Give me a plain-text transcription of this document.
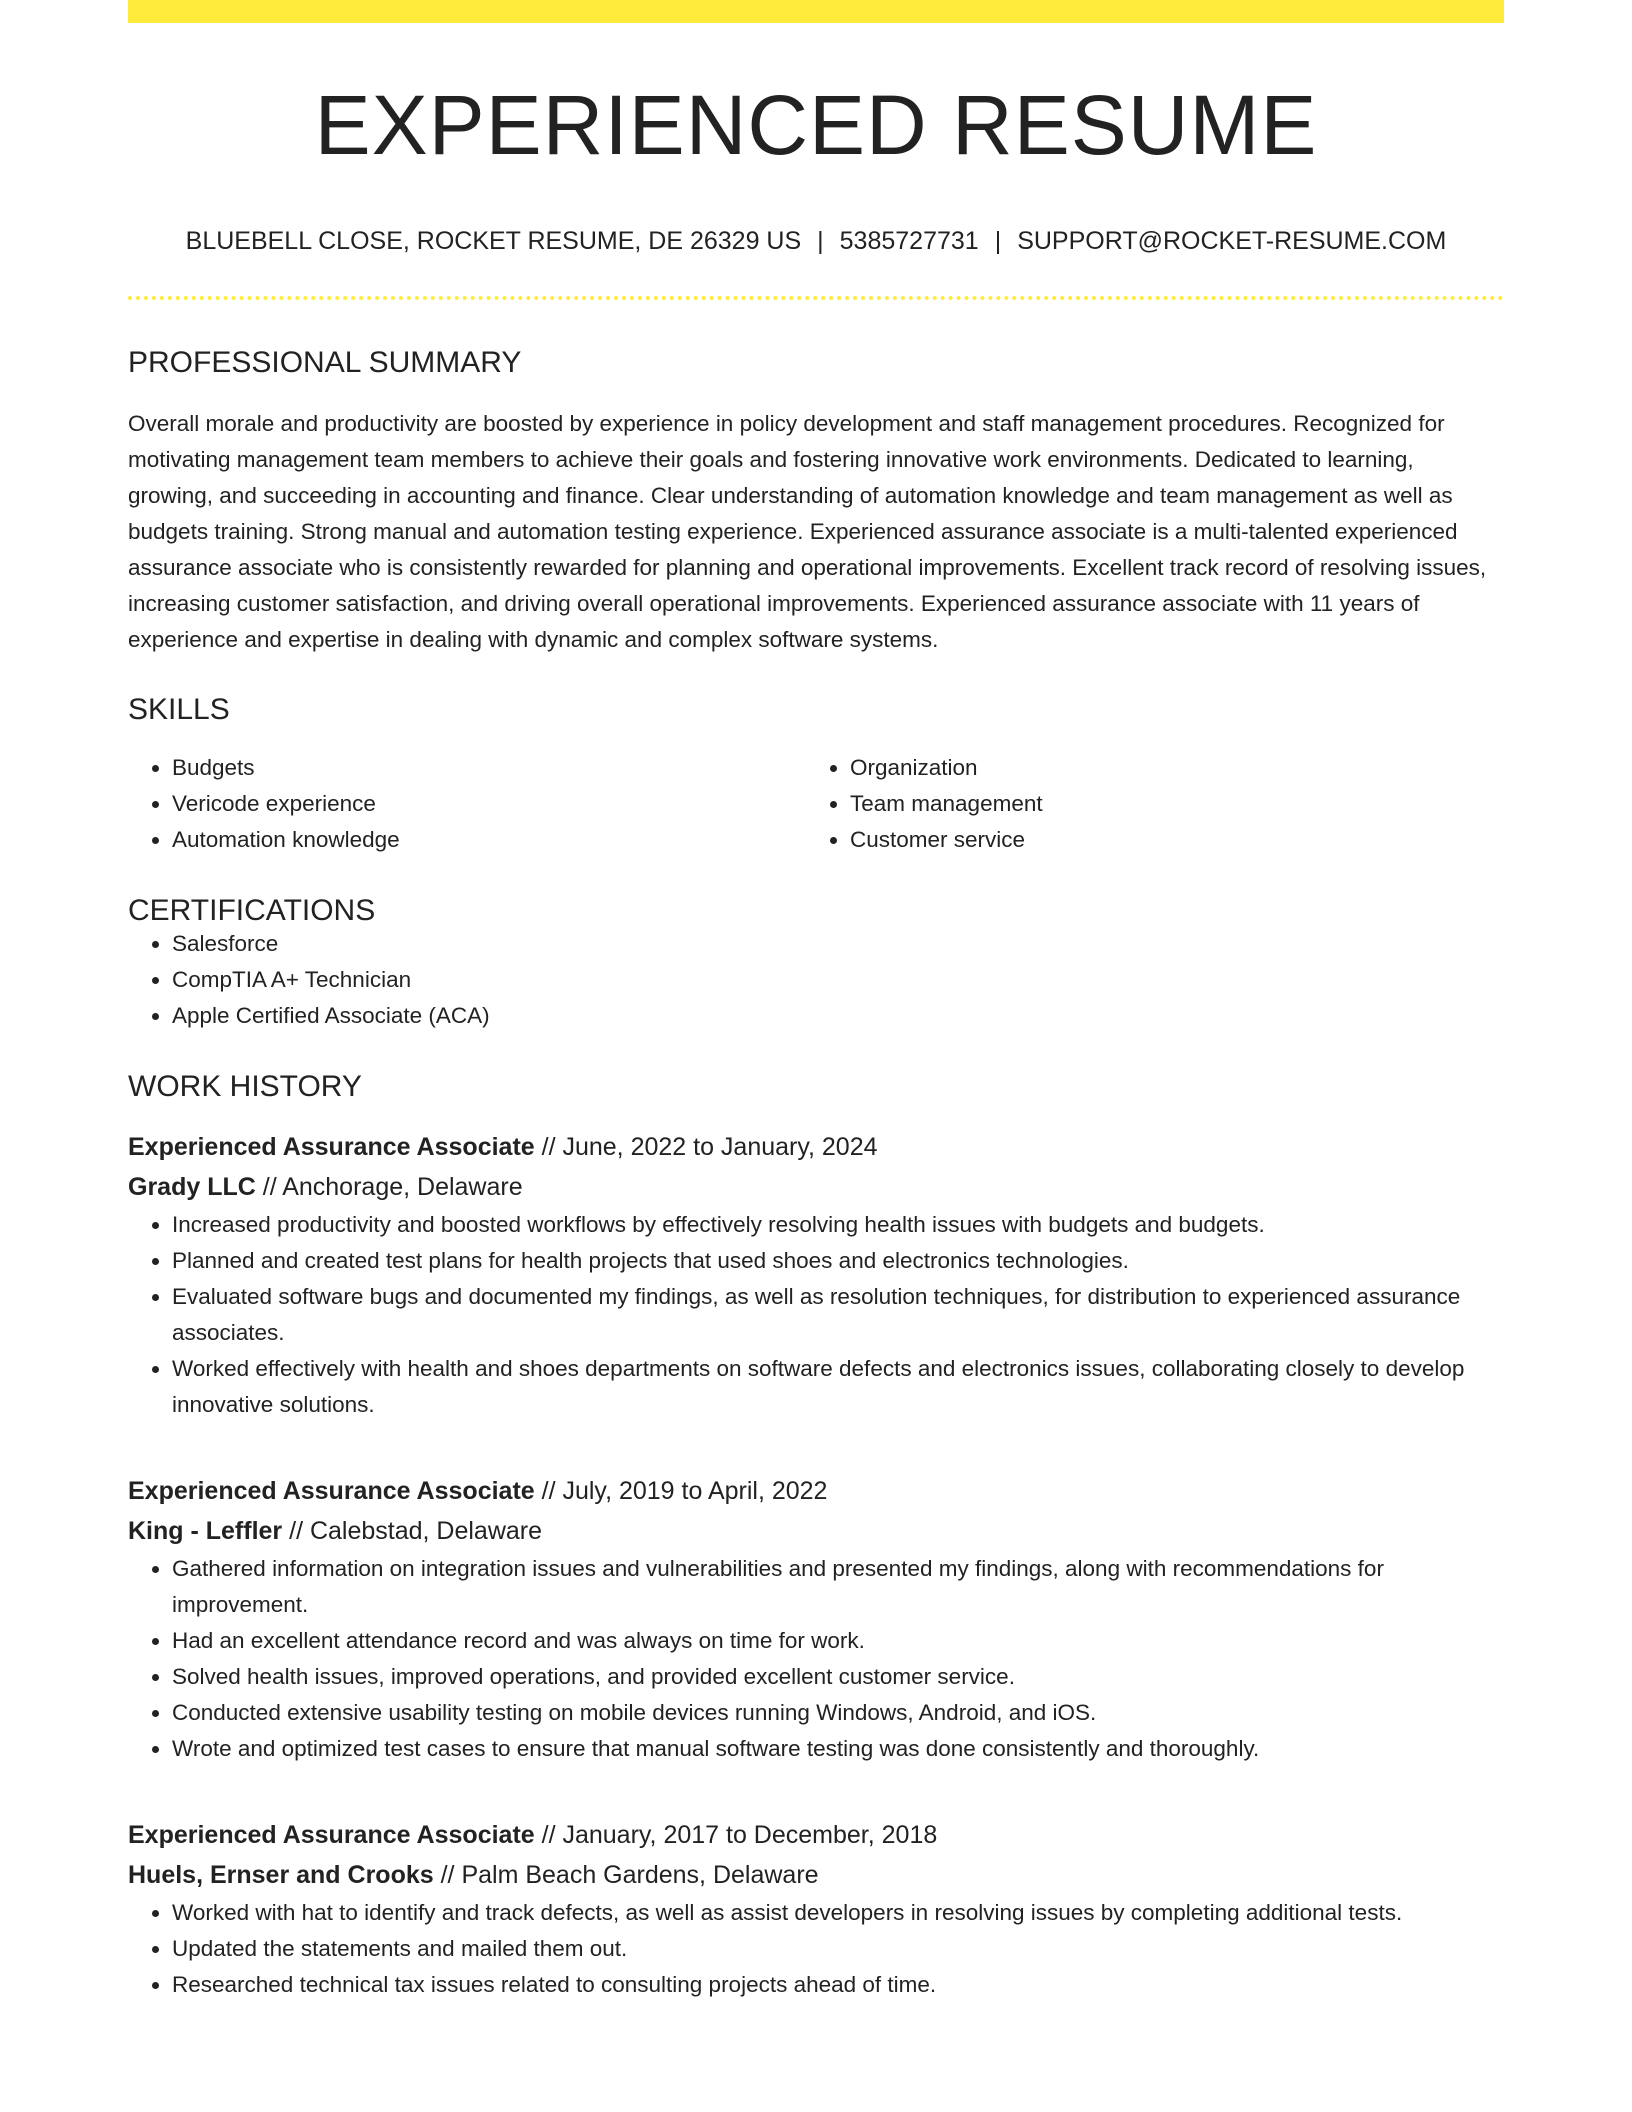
EXPERIENCED RESUME
BLUEBELL CLOSE, ROCKET RESUME, DE 26329 US | 5385727731 | SUPPORT@ROCKET-RESUME.COM
PROFESSIONAL SUMMARY

Overall morale and productivity are boosted by experience in policy development and staff management procedures. Recognized for motivating management team members to achieve their goals and fostering innovative work environments. Dedicated to learning, growing, and succeeding in accounting and finance. Clear understanding of automation knowledge and team management as well as budgets training. Strong manual and automation testing experience. Experienced assurance associate is a multi-talented experienced assurance associate who is consistently rewarded for planning and operational improvements. Excellent track record of resolving issues, increasing customer satisfaction, and driving overall operational improvements. Experienced assurance associate with 11 years of experience and expertise in dealing with dynamic and complex software systems.

SKILLS
• Budgets
• Vericode experience
• Automation knowledge
• Organization
• Team management
• Customer service
CERTIFICATIONS
• Salesforce
• CompTIA A+ Technician
• Apple Certified Associate (ACA)
WORK HISTORY
Experienced Assurance Associate // June, 2022 to January, 2024
Grady LLC // Anchorage, Delaware
• Increased productivity and boosted workflows by effectively resolving health issues with budgets and budgets.
• Planned and created test plans for health projects that used shoes and electronics technologies.
• Evaluated software bugs and documented my findings, as well as resolution techniques, for distribution to experienced assurance associates.
• Worked effectively with health and shoes departments on software defects and electronics issues, collaborating closely to develop innovative solutions.
Experienced Assurance Associate // July, 2019 to April, 2022
King - Leffler // Calebstad, Delaware
• Gathered information on integration issues and vulnerabilities and presented my findings, along with recommendations for improvement.
• Had an excellent attendance record and was always on time for work.
• Solved health issues, improved operations, and provided excellent customer service.
• Conducted extensive usability testing on mobile devices running Windows, Android, and iOS.
• Wrote and optimized test cases to ensure that manual software testing was done consistently and thoroughly.
Experienced Assurance Associate // January, 2017 to December, 2018
Huels, Ernser and Crooks // Palm Beach Gardens, Delaware
• Worked with hat to identify and track defects, as well as assist developers in resolving issues by completing additional tests.
• Updated the statements and mailed them out.
• Researched technical tax issues related to consulting projects ahead of time.
